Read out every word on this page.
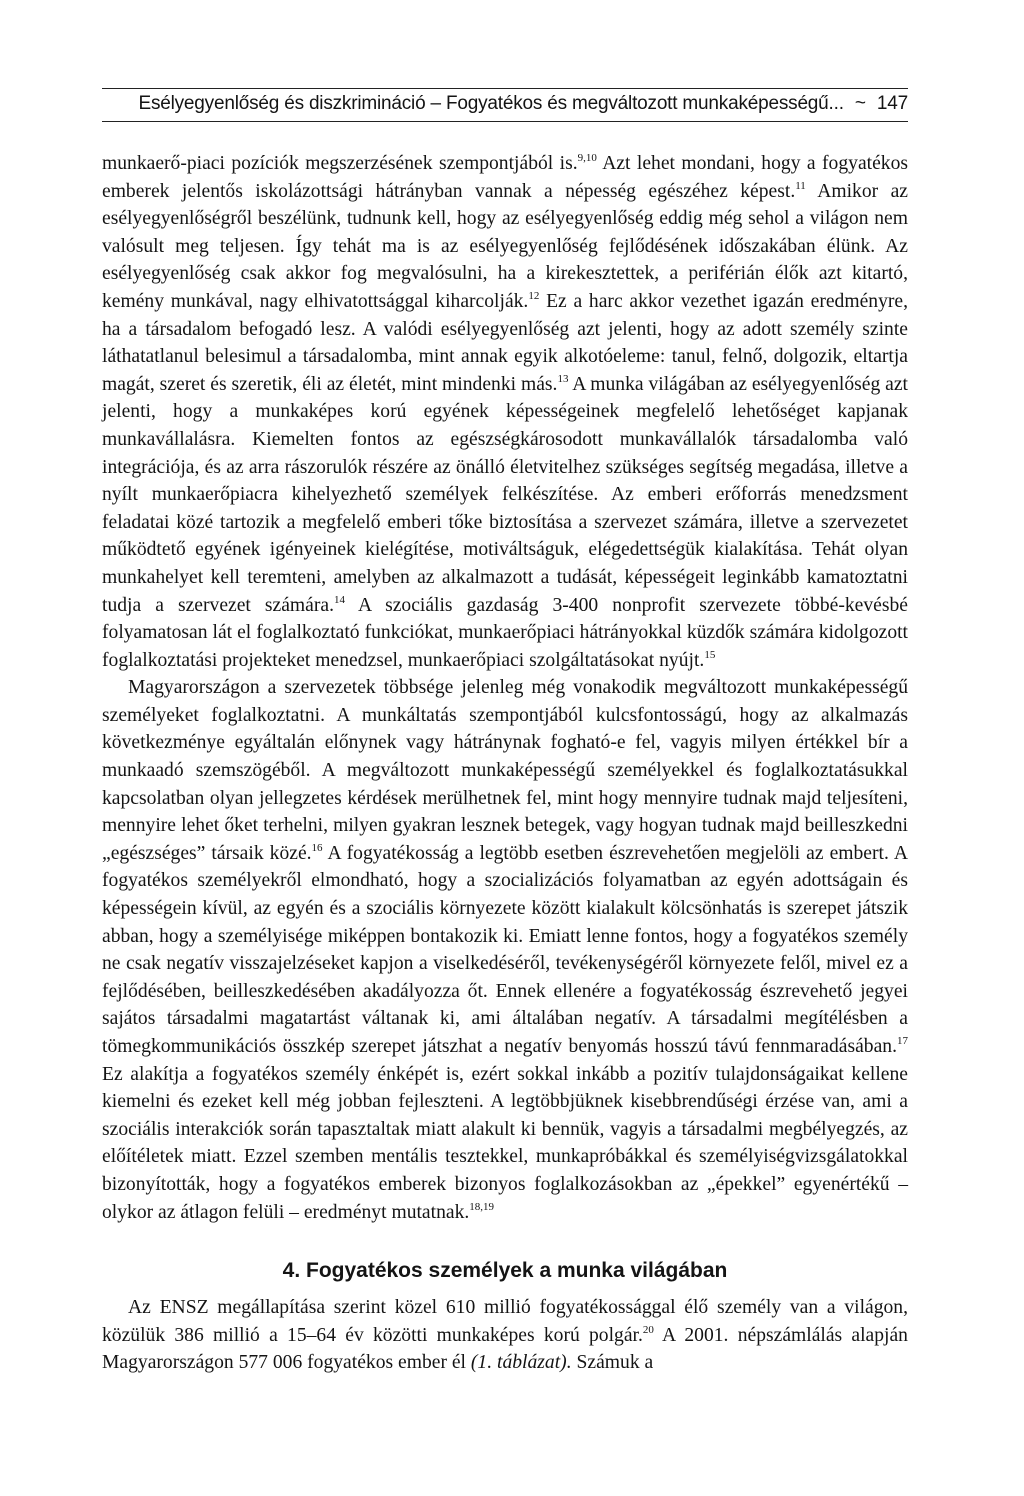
Esélyegyenlőség és diszkrimináció – Fogyatékos és megváltozott munkaképességű... ~ 147

munkaerő-piaci pozíciók megszerzésének szempontjából is.$^{9,10}$ Azt lehet mondani, hogy a fogyatékos emberek jelentős iskolázottsági hátrányban vannak a népesség egészéhez képest.$^{11}$ Amikor az esélyegyenlőségről beszélünk, tudnunk kell, hogy az esélyegyenlőség eddig még sehol a világon nem valósult meg teljesen. Így tehát ma is az esélyegyenlőség fejlődésének időszakában élünk. Az esélyegyenlőség csak akkor fog megvalósulni, ha a kirekesztettek, a periférián élők azt kitartó, kemény munkával, nagy elhivatottsággal kiharcolják.$^{12}$ Ez a harc akkor vezethet igazán eredményre, ha a társadalom befogadó lesz. A valódi esélyegyenlőség azt jelenti, hogy az adott személy szinte láthatatlanul belesimul a társadalomba, mint annak egyik alkotóeleme: tanul, felnő, dolgozik, eltartja magát, szeret és szeretik, éli az életét, mint mindenki más.$^{13}$ A munka világában az esélyegyenlőség azt jelenti, hogy a munkaképes korú egyének képességeinek megfelelő lehetőséget kapjanak munkavállalásra. Kiemelten fontos az egészségkárosodott munkavállalók társadalomba való integrációja, és az arra rászorulók részére az önálló életvitelhez szükséges segítség megadása, illetve a nyílt munkaerőpiacra kihelyezhető személyek felkészítése. Az emberi erőforrás menedzsment feladatai közé tartozik a megfelelő emberi tőke biztosítása a szervezet számára, illetve a szervezetet működtető egyének igényeinek kielégítése, motiváltságuk, elégedettségük kialakítása. Tehát olyan munkahelyet kell teremteni, amelyben az alkalmazott a tudását, képességeit leginkább kamatoztatni tudja a szervezet számára.$^{14}$ A szociális gazdaság 3-400 nonprofit szervezete többé-kevésbé folyamatosan lát el foglalkoztató funkciókat, munkaerőpiaci hátrányokkal küzdők számára kidolgozott foglalkoztatási projekteket menedzsel, munkaerőpiaci szolgáltatásokat nyújt.$^{15}$

Magyarországon a szervezetek többsége jelenleg még vonakodik megváltozott munkaképességű személyeket foglalkoztatni. A munkáltatás szempontjából kulcsfontosságú, hogy az alkalmazás következménye egyáltalán előnynek vagy hátránynak fogható-e fel, vagyis milyen értékkel bír a munkaadó szemszögéből. A megváltozott munkaképességű személyekkel és foglalkoztatásukkal kapcsolatban olyan jellegzetes kérdések merülhetnek fel, mint hogy mennyire tudnak majd teljesíteni, mennyire lehet őket terhelni, milyen gyakran lesznek betegek, vagy hogyan tudnak majd beilleszkedni „egészséges” társaik közé.$^{16}$ A fogyatékosság a legtöbb esetben észrevehetően megjelöli az embert. A fogyatékos személyekről elmondható, hogy a szocializációs folyamatban az egyén adottságain és képességein kívül, az egyén és a szociális környezete között kialakult kölcsönhatás is szerepet játszik abban, hogy a személyisége miképpen bontakozik ki. Emiatt lenne fontos, hogy a fogyatékos személy ne csak negatív visszajelzéseket kapjon a viselkedéséről, tevékenységéről környezete felől, mivel ez a fejlődésében, beilleszkedésében akadályozza őt. Ennek ellenére a fogyatékosság észrevehető jegyei sajátos társadalmi magatartást váltanak ki, ami általában negatív. A társadalmi megítélésben a tömegkommunikációs összkép szerepet játszhat a negatív benyomás hosszú távú fennmaradásában.$^{17}$ Ez alakítja a fogyatékos személy énképét is, ezért sokkal inkább a pozitív tulajdonságaikat kellene kiemelni és ezeket kell még jobban fejleszteni. A legtöbbjüknek kisebbrendűségi érzése van, ami a szociális interakciók során tapasztaltak miatt alakult ki bennük, vagyis a társadalmi megbélyegzés, az előítéletek miatt. Ezzel szemben mentális tesztekkel, munkapróbákkal és személyiségvizsgálatokkal bizonyították, hogy a fogyatékos emberek bizonyos foglalkozásokban az „épekkel” egyenértékű – olykor az átlagon felüli – eredményt mutatnak.$^{18,19}$

4. Fogyatékos személyek a munka világában

Az ENSZ megállapítása szerint közel 610 millió fogyatékossággal élő személy van a világon, közülük 386 millió a 15–64 év közötti munkaképes korú polgár.$^{20}$ A 2001. népszámlálás alapján Magyarországon 577 006 fogyatékos ember él (1. táblázat). Számuk a
